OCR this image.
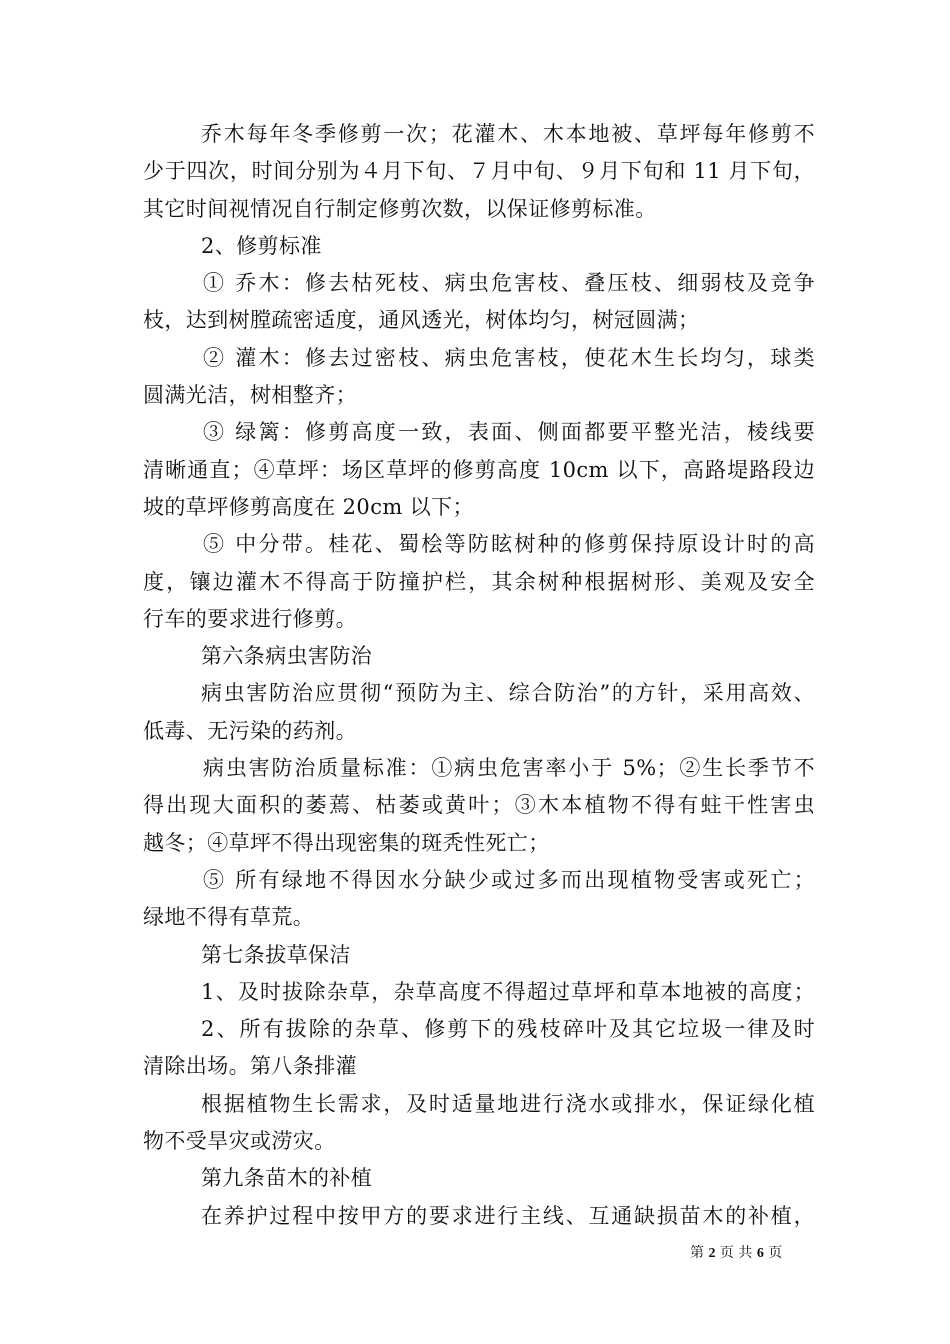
乔木每年冬季修剪一次；花灌木、木本地被、草坪每年修剪不
少于四次，时间分别为４月下旬、７月中旬、９月下旬和 11 月下旬，
其它时间视情况自行制定修剪次数，以保证修剪标准。
2、修剪标准
① 乔木：修去枯死枝、病虫危害枝、叠压枝、细弱枝及竞争
枝，达到树膛疏密适度，通风透光，树体均匀，树冠圆满；
② 灌木：修去过密枝、病虫危害枝，使花木生长均匀，球类
圆满光洁，树相整齐；
③ 绿篱：修剪高度一致，表面、侧面都要平整光洁，棱线要
清晰通直；④草坪：场区草坪的修剪高度 10cm 以下，高路堤路段边
坡的草坪修剪高度在 20cm 以下；
⑤ 中分带。桂花、蜀桧等防眩树种的修剪保持原设计时的高
度，镶边灌木不得高于防撞护栏，其余树种根据树形、美观及安全
行车的要求进行修剪。
第六条病虫害防治
病虫害防治应贯彻“预防为主、综合防治”的方针，采用高效、
低毒、无污染的药剂。
病虫害防治质量标准：①病虫危害率小于 5%；②生长季节不
得出现大面积的萎蔫、枯萎或黄叶；③木本植物不得有蛀干性害虫
越冬；④草坪不得出现密集的斑秃性死亡；
⑤ 所有绿地不得因水分缺少或过多而出现植物受害或死亡；
绿地不得有草荒。
第七条拔草保洁
1、及时拔除杂草，杂草高度不得超过草坪和草本地被的高度；
2、所有拔除的杂草、修剪下的残枝碎叶及其它垃圾一律及时
清除出场。第八条排灌
根据植物生长需求，及时适量地进行浇水或排水，保证绿化植
物不受旱灾或涝灾。
第九条苗木的补植
在养护过程中按甲方的要求进行主线、互通缺损苗木的补植，
第 2 页 共 6 页
